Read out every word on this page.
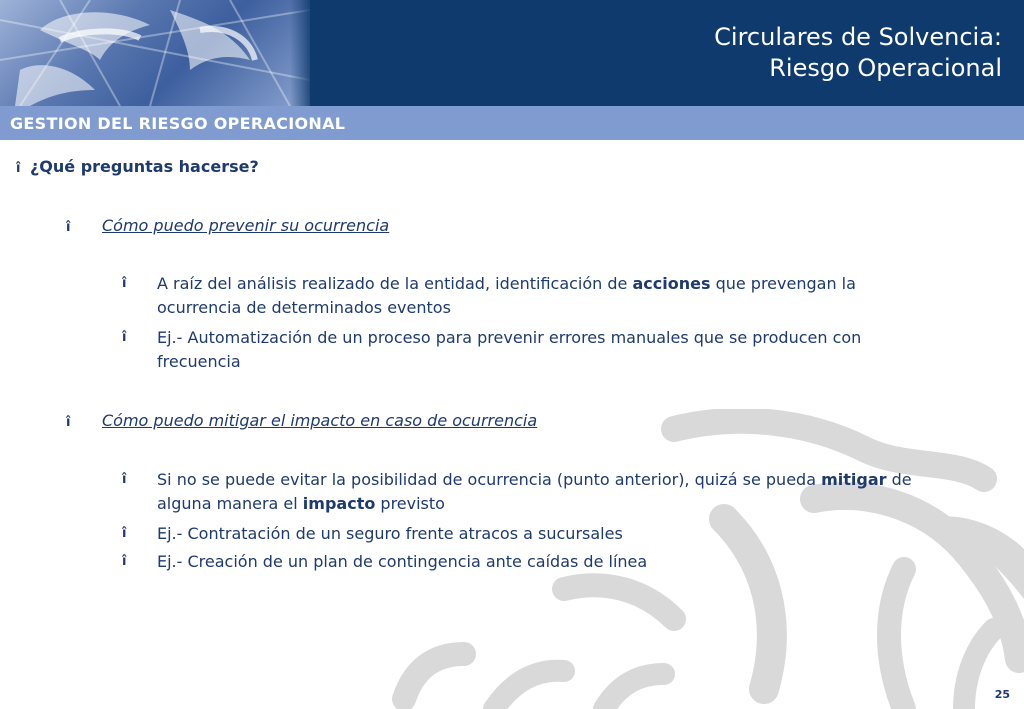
Circulares de Solvencia:
Riesgo Operacional
GESTION DEL RIESGO OPERACIONAL
î ¿Qué preguntas hacerse?
î Cómo puedo prevenir su ocurrencia
î	A raíz del análisis realizado de la entidad, identificación de acciones que prevengan la ocurrencia de determinados eventos
î	Ej.- Automatización de un proceso para prevenir errores manuales que se producen con frecuencia
î Cómo puedo mitigar el impacto en caso de ocurrencia
î	Si no se puede evitar la posibilidad de ocurrencia (punto anterior), quizá se pueda mitigar de alguna manera el impacto previsto
î	Ej.- Contratación de un seguro frente atracos a sucursales
î	Ej.- Creación de un plan de contingencia ante caídas de línea
25
